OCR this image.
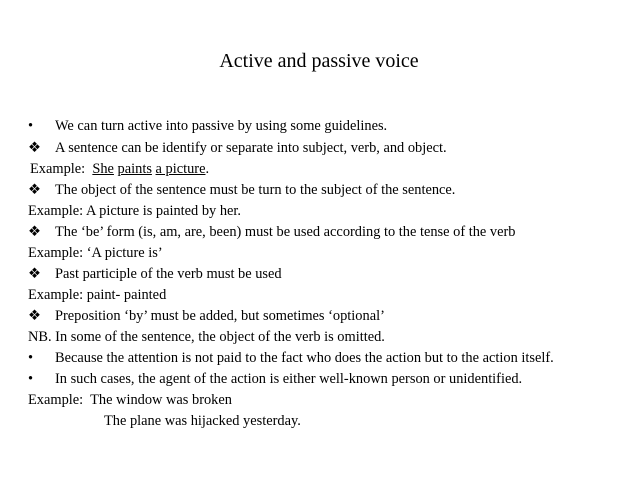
Active and passive voice
• We can turn active into passive by using some guidelines.
❖ A sentence can be identify or separate into subject, verb, and object.
Example:  She paints a picture.
❖ The object of the sentence must be turn to the subject of the sentence.
Example: A picture is painted by her.
❖ The ‘be’ form (is, am, are, been) must be used according to the tense of the verb
Example: ‘A picture is’
❖ Past participle of the verb must be used
Example: paint- painted
❖ Preposition ‘by’ must be added, but sometimes ‘optional’
NB. In some of the sentence, the object of the verb is omitted.
• Because the attention is not paid to the fact who does the action but to the action itself.
• In such cases, the agent of the action is either well-known person or unidentified.
Example:  The window was broken
The plane was hijacked yesterday.
